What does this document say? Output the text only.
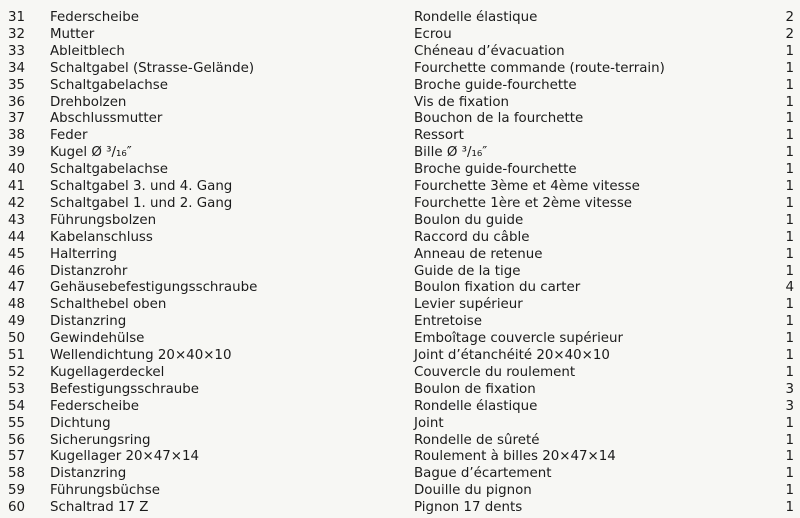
31 Federscheibe	Rondelle élastique	2
32 Mutter	Ecrou	2
33 Ableitblech	Chéneau d’évacuation	1
34 Schaltgabel (Strasse-Gelände)	Fourchette commande (route-terrain)	1
35 Schaltgabelachse	Broche guide-fourchette	1
36 Drehbolzen	Vis de fixation	1
37 Abschlussmutter	Bouchon de la fourchette	1
38 Feder	Ressort	1
39 Kugel Ø ³/₁₆″	Bille Ø ³/₁₆″	1
40 Schaltgabelachse	Broche guide-fourchette	1
41 Schaltgabel 3. und 4. Gang	Fourchette 3ème et 4ème vitesse	1
42 Schaltgabel 1. und 2. Gang	Fourchette 1ère et 2ème vitesse	1
43 Führungsbolzen	Boulon du guide	1
44 Kabelanschluss	Raccord du câble	1
45 Halterring	Anneau de retenue	1
46 Distanzrohr	Guide de la tige	1
47 Gehäusebefestigungsschraube	Boulon fixation du carter	4
48 Schalthebel oben	Levier supérieur	1
49 Distanzring	Entretoise	1
50 Gewindehülse	Emboîtage couvercle supérieur	1
51 Wellendichtung 20×40×10	Joint d’étanchéité 20×40×10	1
52 Kugellagerdeckel	Couvercle du roulement	1
53 Befestigungsschraube	Boulon de fixation	3
54 Federscheibe	Rondelle élastique	3
55 Dichtung	Joint	1
56 Sicherungsring	Rondelle de sûreté	1
57 Kugellager 20×47×14	Roulement à billes 20×47×14	1
58 Distanzring	Bague d’écartement	1
59 Führungsbüchse	Douille du pignon	1
60 Schaltrad 17 Z	Pignon 17 dents	1
